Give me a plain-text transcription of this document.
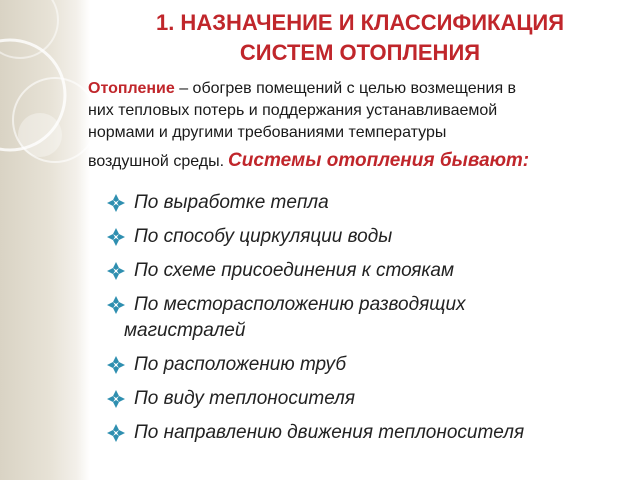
1. НАЗНАЧЕНИЕ И КЛАССИФИКАЦИЯ
СИСТЕМ ОТОПЛЕНИЯ
Отопление – обогрев помещений с целью возмещения в
них тепловых потерь и поддержания устанавливаемой
нормами и другими требованиями температуры
воздушной среды. Системы отопления бывают:
По выработке тепла
По способу циркуляции воды
По схеме присоединения к стоякам
По месторасположению разводящих
магистралей
По расположению труб
По виду теплоносителя
По направлению движения теплоносителя
